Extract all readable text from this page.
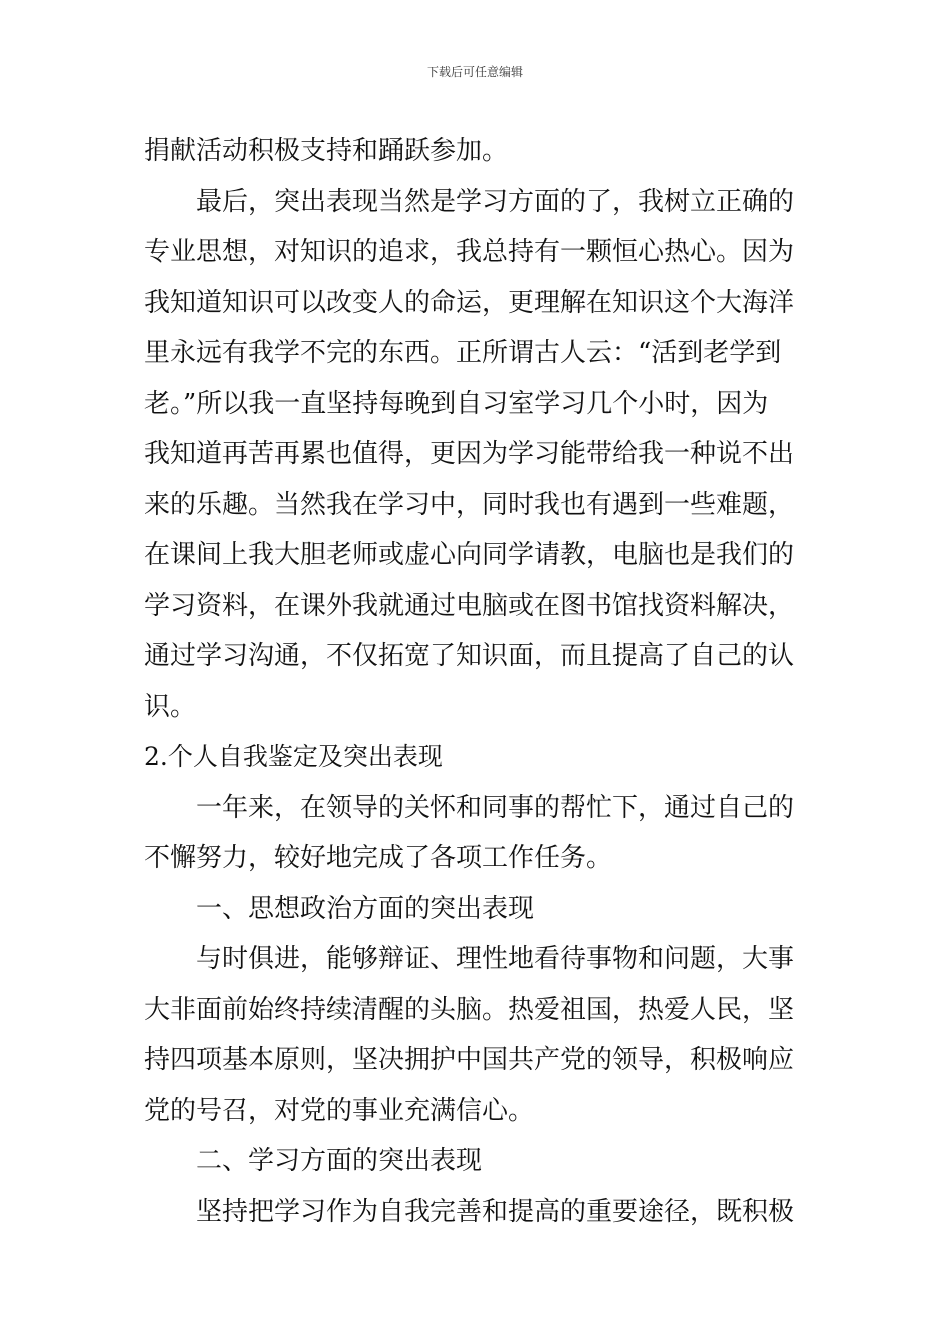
下载后可任意编辑
捐献活动积极支持和踊跃参加。
最后，突出表现当然是学习方面的了，我树立正确的
专业思想，对知识的追求，我总持有一颗恒心热心。因为
我知道知识可以改变人的命运，更理解在知识这个大海洋
里永远有我学不完的东西。正所谓古人云：“活到老学到
老。”所以我一直坚持每晚到自习室学习几个小时，因为
我知道再苦再累也值得，更因为学习能带给我一种说不出
来的乐趣。当然我在学习中，同时我也有遇到一些难题，
在课间上我大胆老师或虚心向同学请教，电脑也是我们的
学习资料，在课外我就通过电脑或在图书馆找资料解决，
通过学习沟通，不仅拓宽了知识面，而且提高了自己的认
识。
2.个人自我鉴定及突出表现
一年来，在领导的关怀和同事的帮忙下，通过自己的
不懈努力，较好地完成了各项工作任务。
一、思想政治方面的突出表现
与时俱进，能够辩证、理性地看待事物和问题，大事
大非面前始终持续清醒的头脑。热爱祖国，热爱人民，坚
持四项基本原则，坚决拥护中国共产党的领导，积极响应
党的号召，对党的事业充满信心。
二、学习方面的突出表现
坚持把学习作为自我完善和提高的重要途径，既积极
